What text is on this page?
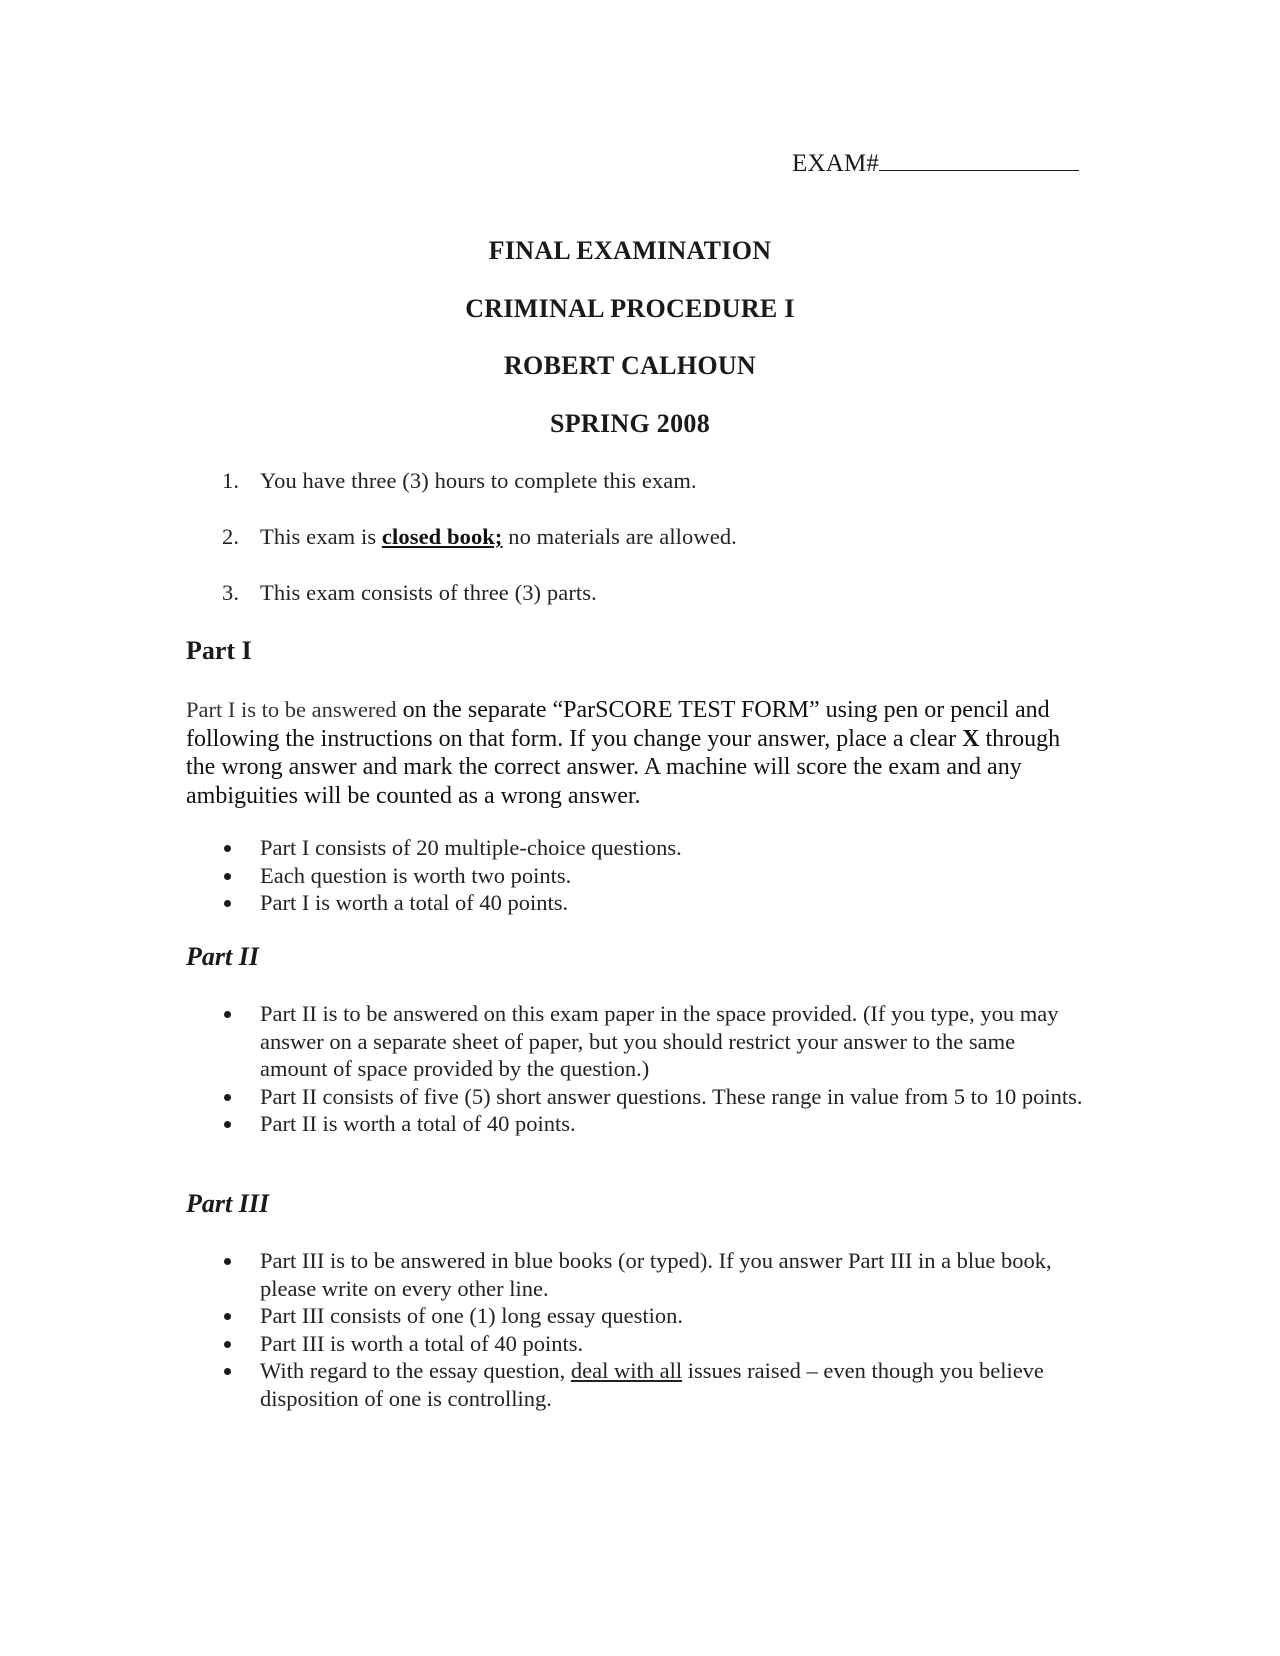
EXAM#
FINAL EXAMINATION
CRIMINAL PROCEDURE I
ROBERT CALHOUN
SPRING 2008
1. You have three (3) hours to complete this exam.
2. This exam is closed book; no materials are allowed.
3. This exam consists of three (3) parts.
Part I
Part I is to be answered on the separate “ParSCORE TEST FORM” using pen or pencil and following the instructions on that form. If you change your answer, place a clear X through the wrong answer and mark the correct answer. A machine will score the exam and any ambiguities will be counted as a wrong answer.
Part I consists of 20 multiple-choice questions.
Each question is worth two points.
Part I is worth a total of 40 points.
Part II
Part II is to be answered on this exam paper in the space provided. (If you type, you may answer on a separate sheet of paper, but you should restrict your answer to the same amount of space provided by the question.)
Part II consists of five (5) short answer questions. These range in value from 5 to 10 points.
Part II is worth a total of 40 points.
Part III
Part III is to be answered in blue books (or typed). If you answer Part III in a blue book, please write on every other line.
Part III consists of one (1) long essay question.
Part III is worth a total of 40 points.
With regard to the essay question, deal with all issues raised – even though you believe disposition of one is controlling.
